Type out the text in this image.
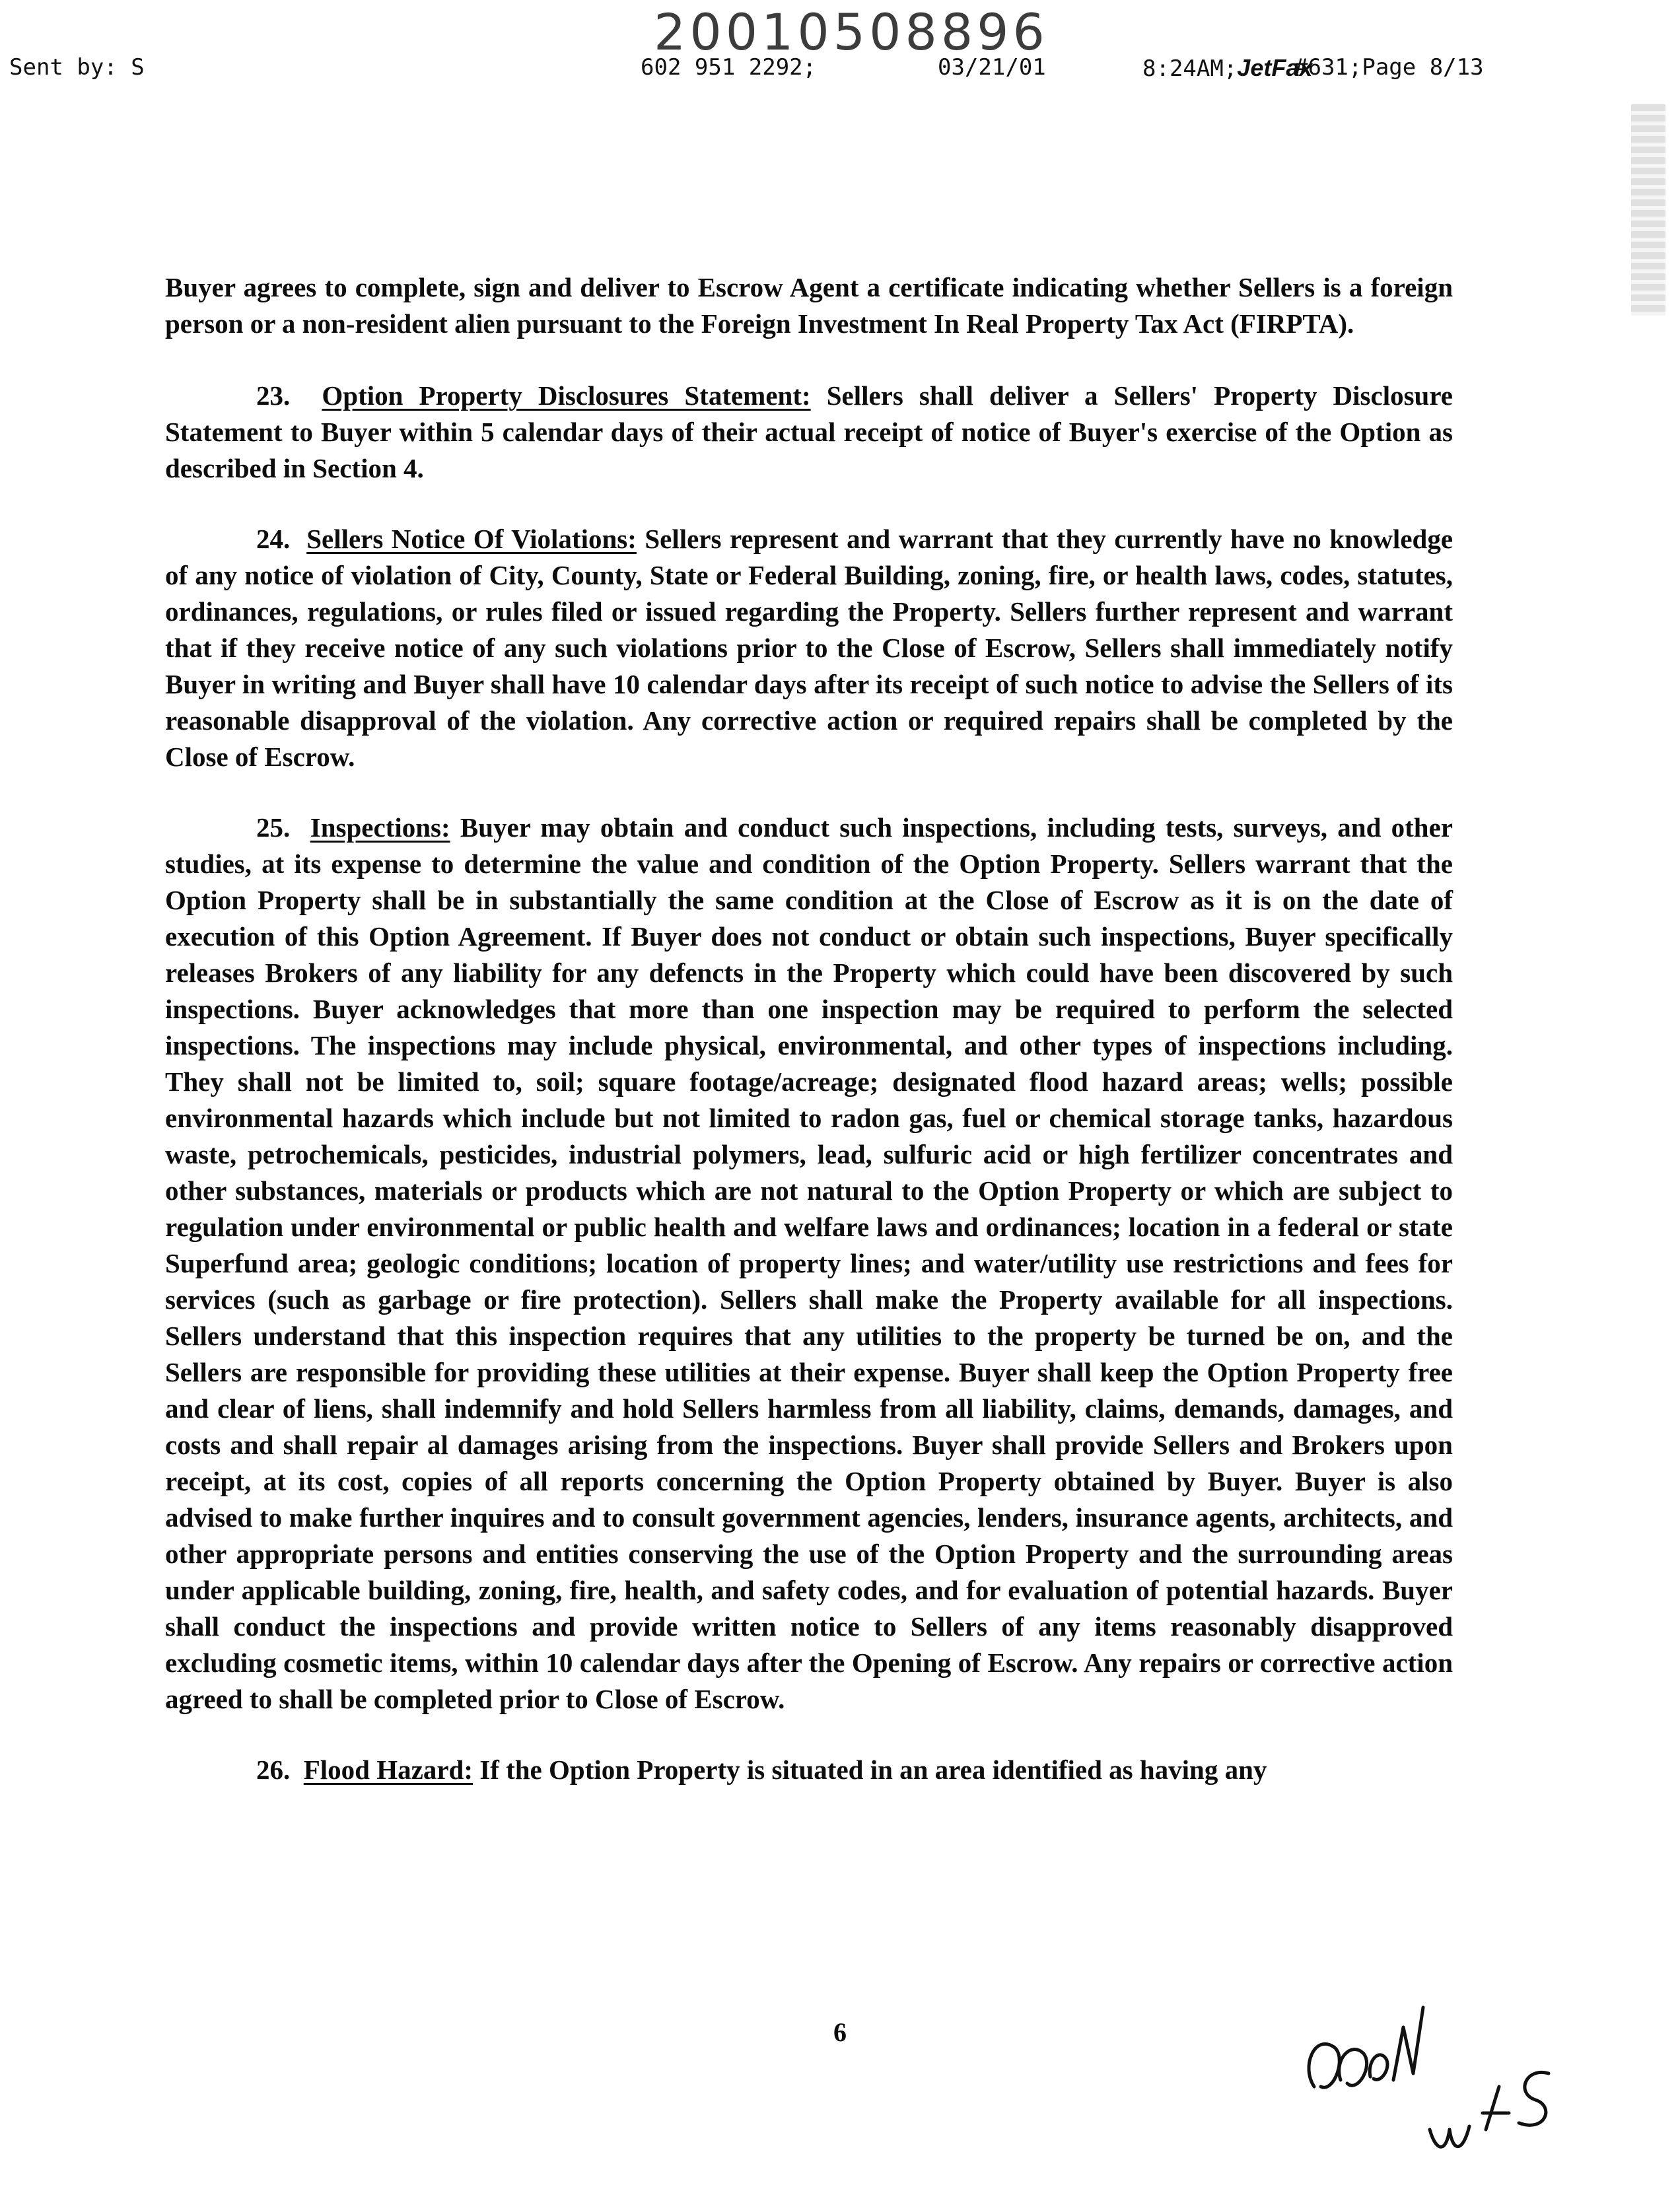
20010508896
Sent by: S	602 951 2292;	03/21/01	8:24AM;JetFax
#631;Page 8/13

Buyer agrees to complete, sign and deliver to Escrow Agent a certificate indicating whether Sellers is a foreign person or a non-resident alien pursuant to the Foreign Investment In Real Property Tax Act (FIRPTA).

23. Option Property Disclosures Statement: Sellers shall deliver a Sellers' Property Disclosure Statement to Buyer within 5 calendar days of their actual receipt of notice of Buyer's exercise of the Option as described in Section 4.

24. Sellers Notice Of Violations: Sellers represent and warrant that they currently have no knowledge of any notice of violation of City, County, State or Federal Building, zoning, fire, or health laws, codes, statutes, ordinances, regulations, or rules filed or issued regarding the Property. Sellers further represent and warrant that if they receive notice of any such violations prior to the Close of Escrow, Sellers shall immediately notify Buyer in writing and Buyer shall have 10 calendar days after its receipt of such notice to advise the Sellers of its reasonable disapproval of the violation. Any corrective action or required repairs shall be completed by the Close of Escrow.

25. Inspections: Buyer may obtain and conduct such inspections, including tests, surveys, and other studies, at its expense to determine the value and condition of the Option Property. Sellers warrant that the Option Property shall be in substantially the same condition at the Close of Escrow as it is on the date of execution of this Option Agreement. If Buyer does not conduct or obtain such inspections, Buyer specifically releases Brokers of any liability for any defencts in the Property which could have been discovered by such inspections. Buyer acknowledges that more than one inspection may be required to perform the selected inspections. The inspections may include physical, environmental, and other types of inspections including. They shall not be limited to, soil; square footage/acreage; designated flood hazard areas; wells; possible environmental hazards which include but not limited to radon gas, fuel or chemical storage tanks, hazardous waste, petrochemicals, pesticides, industrial polymers, lead, sulfuric acid or high fertilizer concentrates and other substances, materials or products which are not natural to the Option Property or which are subject to regulation under environmental or public health and welfare laws and ordinances; location in a federal or state Superfund area; geologic conditions; location of property lines; and water/utility use restrictions and fees for services (such as garbage or fire protection). Sellers shall make the Property available for all inspections. Sellers understand that this inspection requires that any utilities to the property be turned be on, and the Sellers are responsible for providing these utilities at their expense. Buyer shall keep the Option Property free and clear of liens, shall indemnify and hold Sellers harmless from all liability, claims, demands, damages, and costs and shall repair al damages arising from the inspections. Buyer shall provide Sellers and Brokers upon receipt, at its cost, copies of all reports concerning the Option Property obtained by Buyer. Buyer is also advised to make further inquires and to consult government agencies, lenders, insurance agents, architects, and other appropriate persons and entities conserving the use of the Option Property and the surrounding areas under applicable building, zoning, fire, health, and safety codes, and for evaluation of potential hazards. Buyer shall conduct the inspections and provide written notice to Sellers of any items reasonably disapproved excluding cosmetic items, within 10 calendar days after the Opening of Escrow. Any repairs or corrective action agreed to shall be completed prior to Close of Escrow.

26. Flood Hazard: If the Option Property is situated in an area identified as having any

6
